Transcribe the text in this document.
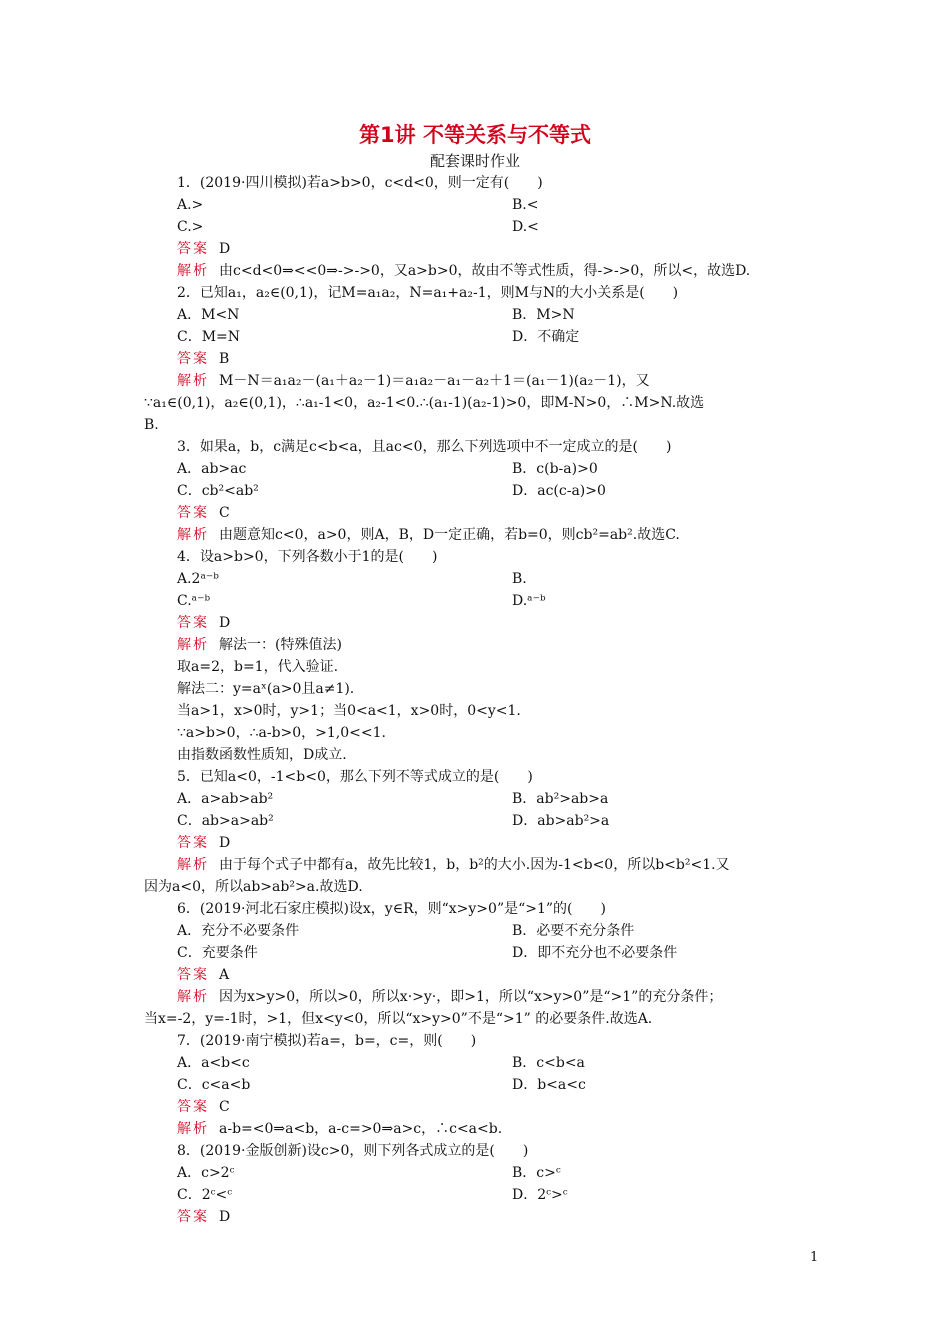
第1讲 不等关系与不等式
配套课时作业
1．(2019·四川模拟)若a>b>0，c<d<0，则一定有(　　)
A.>	B.<
C.>	D.<
答案 D
解析 由c<d<0⇒<<0⇒->->0，又a>b>0，故由不等式性质，得->->0，所以<，故选D.
2．已知a₁，a₂∈(0,1)，记M=a₁a₂，N=a₁+a₂-1，则M与N的大小关系是(　　)
A．M<N	B．M>N
C．M=N	D．不确定
答案 B
解析 M－N＝a₁a₂－(a₁＋a₂－1)＝a₁a₂－a₁－a₂＋1＝(a₁－1)(a₂－1)，又
∵a₁∈(0,1)，a₂∈(0,1)，∴a₁-1<0，a₂-1<0.∴(a₁-1)(a₂-1)>0，即M-N>0，∴M>N.故选
B.
3．如果a，b，c满足c<b<a，且ac<0，那么下列选项中不一定成立的是(　　)
A．ab>ac	B．c(b-a)>0
C．cb²<ab²	D．ac(c-a)>0
答案 C
解析 由题意知c<0，a>0，则A，B，D一定正确，若b=0，则cb²=ab².故选C.
4．设a>b>0，下列各数小于1的是(　　)
A.2ᵃ⁻ᵇ	B.
C.ᵃ⁻ᵇ	D.ᵃ⁻ᵇ
答案 D
解析 解法一：(特殊值法)
取a=2，b=1，代入验证.
解法二：y=aˣ(a>0且a≠1).
当a>1，x>0时，y>1；当0<a<1，x>0时，0<y<1.
∵a>b>0，∴a-b>0，>1,0<<1.
由指数函数性质知，D成立.
5．已知a<0，-1<b<0，那么下列不等式成立的是(　　)
A．a>ab>ab²	B．ab²>ab>a
C．ab>a>ab²	D．ab>ab²>a
答案 D
解析 由于每个式子中都有a，故先比较1，b，b²的大小.因为-1<b<0，所以b<b²<1.又
因为a<0，所以ab>ab²>a.故选D.
6．(2019·河北石家庄模拟)设x，y∈R，则“x>y>0”是“>1”的(　　)
A．充分不必要条件	B．必要不充分条件
C．充要条件	D．即不充分也不必要条件
答案 A
解析 因为x>y>0，所以>0，所以x·>y·，即>1，所以“x>y>0”是“>1”的充分条件；
当x=-2，y=-1时，>1，但x<y<0，所以“x>y>0”不是“>1” 的必要条件.故选A.
7．(2019·南宁模拟)若a=，b=，c=，则(　　)
A．a<b<c	B．c<b<a
C．c<a<b	D．b<a<c
答案 C
解析 a-b=<0⇒a<b，a-c=>0⇒a>c，∴c<a<b.
8．(2019·金版创新)设c>0，则下列各式成立的是(　　)
A．c>2ᶜ	B．c>ᶜ
C．2ᶜ<ᶜ	D．2ᶜ>ᶜ
答案 D
1
